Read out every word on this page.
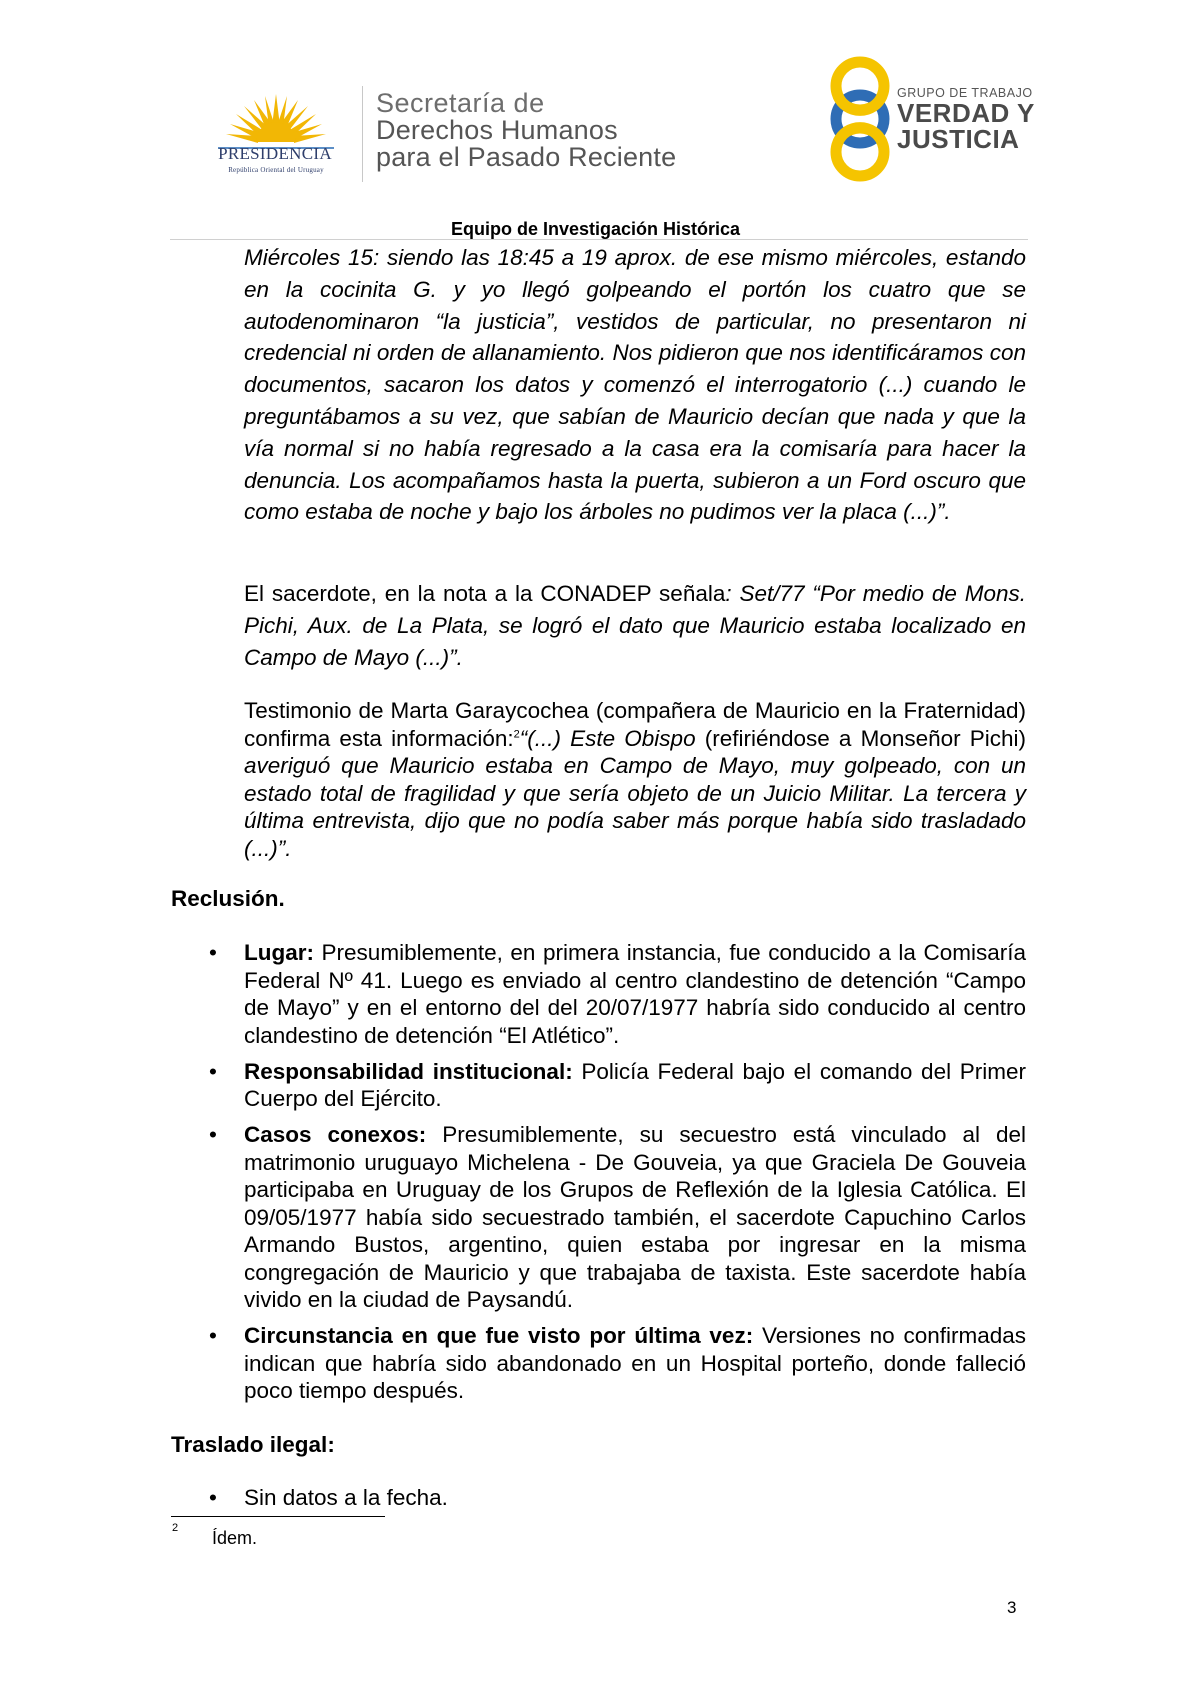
PRESIDENCIA
República Oriental del Uruguay
Secretaría de
Derechos Humanos
para el Pasado Reciente
GRUPO DE TRABAJO
VERDAD Y
JUSTICIA
Equipo de Investigación Histórica

Miércoles 15: siendo las 18:45 a 19 aprox. de ese mismo miércoles, estando en la cocinita G. y yo llegó golpeando el portón los cuatro que se autodenominaron “la justicia”, vestidos de particular, no presentaron ni credencial ni orden de allanamiento. Nos pidieron que nos identificáramos con documentos, sacaron los datos y comenzó el interrogatorio (...) cuando le preguntábamos a su vez, que sabían de Mauricio decían que nada y que la vía normal si no había regresado a la casa era la comisaría para hacer la denuncia. Los acompañamos hasta la puerta, subieron a un Ford oscuro que como estaba de noche y bajo los árboles no pudimos ver la placa (...)”.

El sacerdote, en la nota a la CONADEP señala: Set/77 “Por medio de Mons. Pichi, Aux. de La Plata, se logró el dato que Mauricio estaba localizado en Campo de Mayo (...)”.

Testimonio de Marta Garaycochea (compañera de Mauricio en la Fraternidad) confirma esta información:$^2$“(...) Este Obispo (refiriéndose a Monseñor Pichi) averiguó que Mauricio estaba en Campo de Mayo, muy golpeado, con un estado total de fragilidad y que sería objeto de un Juicio Militar. La tercera y última entrevista, dijo que no podía saber más porque había sido trasladado (...)”.

Reclusión.
• Lugar: Presumiblemente, en primera instancia, fue conducido a la Comisaría Federal Nº 41. Luego es enviado al centro clandestino de detención “Campo de Mayo” y en el entorno del del 20/07/1977 habría sido conducido al centro clandestino de detención “El Atlético”.
• Responsabilidad institucional: Policía Federal bajo el comando del Primer Cuerpo del Ejército.
• Casos conexos: Presumiblemente, su secuestro está vinculado al del matrimonio uruguayo Michelena - De Gouveia, ya que Graciela De Gouveia participaba en Uruguay de los Grupos de Reflexión de la Iglesia Católica. El 09/05/1977 había sido secuestrado también, el sacerdote Capuchino Carlos Armando Bustos, argentino, quien estaba por ingresar en la misma congregación de Mauricio y que trabajaba de taxista. Este sacerdote había vivido en la ciudad de Paysandú.
• Circunstancia en que fue visto por última vez: Versiones no confirmadas indican que habría sido abandonado en un Hospital porteño, donde falleció poco tiempo después.
Traslado ilegal:
• Sin datos a la fecha.
2 Ídem.
3
